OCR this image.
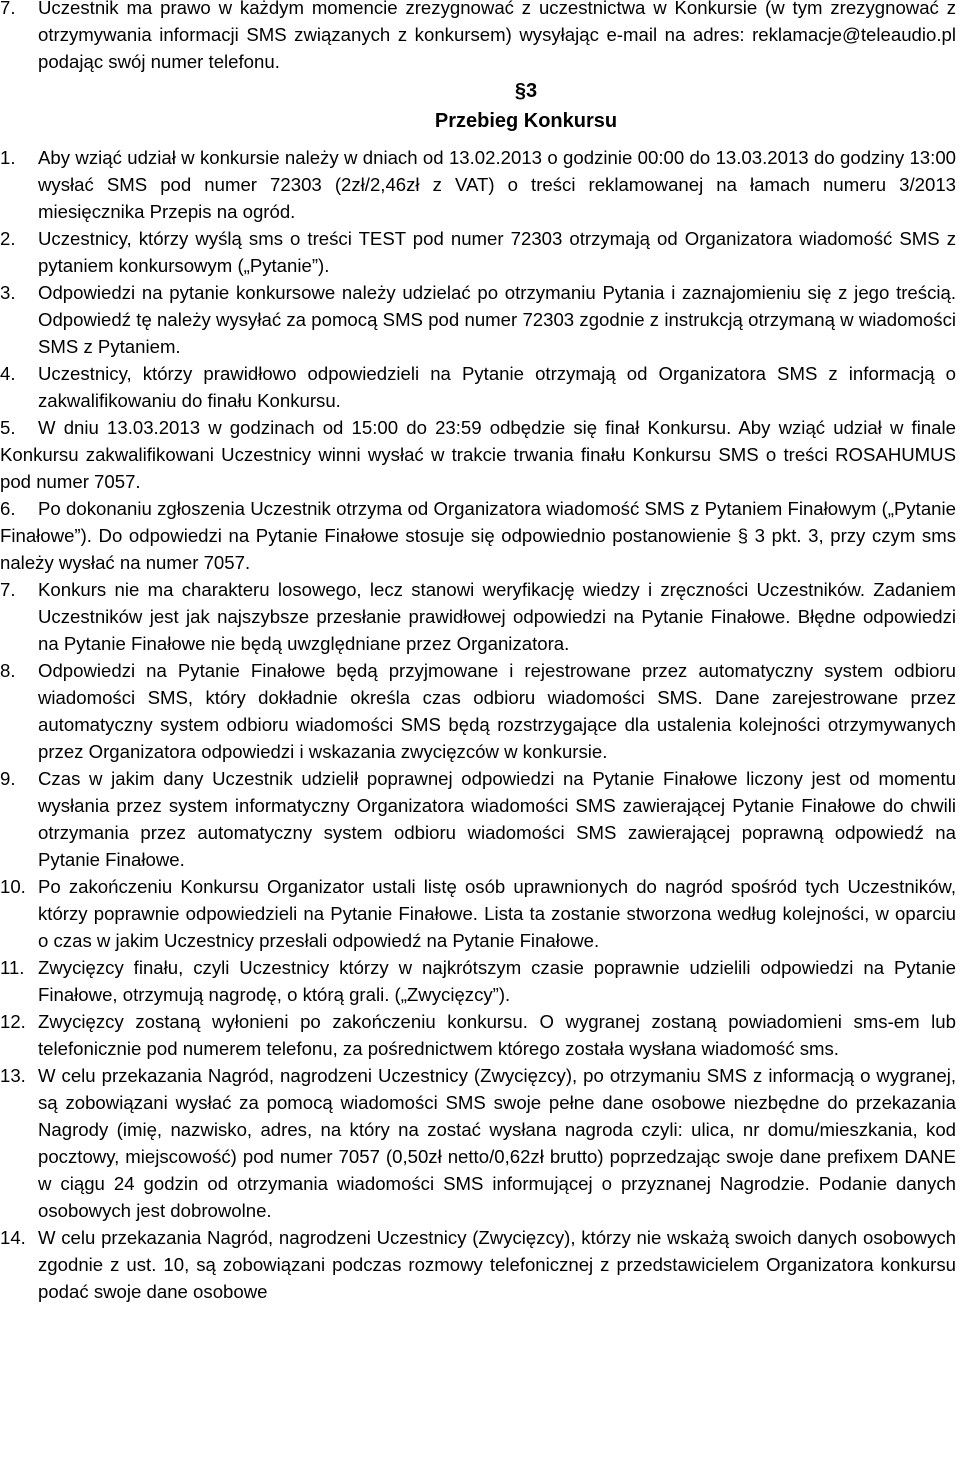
7.	Uczestnik ma prawo w każdym momencie zrezygnować z uczestnictwa w Konkursie (w tym zrezygnować z otrzymywania informacji SMS związanych z konkursem) wysyłając e-mail na adres: reklamacje@teleaudio.pl podając swój numer telefonu.
§3
Przebieg Konkursu
1.	Aby wziąć udział w konkursie należy w dniach od 13.02.2013 o godzinie 00:00 do 13.03.2013 do godziny 13:00 wysłać SMS pod numer 72303 (2zł/2,46zł z VAT) o treści reklamowanej na łamach numeru 3/2013 miesięcznika Przepis na ogród.
2.	Uczestnicy, którzy wyślą sms o treści TEST pod numer 72303 otrzymają od Organizatora wiadomość SMS z pytaniem konkursowym („Pytanie”).
3.	Odpowiedzi na pytanie konkursowe należy udzielać po otrzymaniu Pytania i zaznajomieniu się z jego treścią. Odpowiedź tę należy wysyłać za pomocą SMS pod numer 72303 zgodnie z instrukcją otrzymaną w wiadomości SMS z Pytaniem.
4.	Uczestnicy, którzy prawidłowo odpowiedzieli na Pytanie otrzymają od Organizatora SMS z informacją o zakwalifikowaniu do finału Konkursu.
5. W dniu 13.03.2013 w godzinach od 15:00 do 23:59 odbędzie się finał Konkursu. Aby wziąć udział w finale Konkursu zakwalifikowani Uczestnicy winni wysłać w trakcie trwania finału Konkursu SMS o treści ROSAHUMUS pod numer 7057.
6. Po dokonaniu zgłoszenia Uczestnik otrzyma od Organizatora wiadomość SMS z Pytaniem Finałowym („Pytanie Finałowe”). Do odpowiedzi na Pytanie Finałowe stosuje się odpowiednio postanowienie § 3 pkt. 3, przy czym sms należy wysłać na numer 7057.
7.	Konkurs nie ma charakteru losowego, lecz stanowi weryfikację wiedzy i zręczności Uczestników. Zadaniem Uczestników jest jak najszybsze przesłanie prawidłowej odpowiedzi na Pytanie Finałowe. Błędne odpowiedzi na Pytanie Finałowe nie będą uwzględniane przez Organizatora.
8.	Odpowiedzi na Pytanie Finałowe będą przyjmowane i rejestrowane przez automatyczny system odbioru wiadomości SMS, który dokładnie określa czas odbioru wiadomości SMS. Dane zarejestrowane przez automatyczny system odbioru wiadomości SMS będą rozstrzygające dla ustalenia kolejności otrzymywanych przez Organizatora odpowiedzi i wskazania zwycięzców w konkursie.
9.	Czas w jakim dany Uczestnik udzielił poprawnej odpowiedzi na Pytanie Finałowe liczony jest od momentu wysłania przez system informatyczny Organizatora wiadomości SMS zawierającej Pytanie Finałowe do chwili otrzymania przez automatyczny system odbioru wiadomości SMS zawierającej poprawną odpowiedź na Pytanie Finałowe.
10. Po zakończeniu Konkursu Organizator ustali listę osób uprawnionych do nagród spośród tych Uczestników, którzy poprawnie odpowiedzieli na Pytanie Finałowe. Lista ta zostanie stworzona według kolejności, w oparciu o czas w jakim Uczestnicy przesłali odpowiedź na Pytanie Finałowe.
11. Zwycięzcy finału, czyli Uczestnicy którzy w najkrótszym czasie poprawnie udzielili odpowiedzi na Pytanie Finałowe, otrzymują nagrodę, o którą grali. („Zwycięzcy”).
12. Zwycięzcy zostaną wyłonieni po zakończeniu konkursu. O wygranej zostaną powiadomieni sms-em lub telefonicznie pod numerem telefonu, za pośrednictwem którego została wysłana wiadomość sms.
13. W celu przekazania Nagród, nagrodzeni Uczestnicy (Zwycięzcy), po otrzymaniu SMS z informacją o wygranej, są zobowiązani wysłać za pomocą wiadomości SMS swoje pełne dane osobowe niezbędne do przekazania Nagrody (imię, nazwisko, adres, na który na zostać wysłana nagroda czyli: ulica, nr domu/mieszkania, kod pocztowy, miejscowość) pod numer 7057 (0,50zł netto/0,62zł brutto) poprzedzając swoje dane prefixem DANE w ciągu 24 godzin od otrzymania wiadomości SMS informującej o przyznanej Nagrodzie. Podanie danych osobowych jest dobrowolne.
14. W celu przekazania Nagród, nagrodzeni Uczestnicy (Zwycięzcy), którzy nie wskażą swoich danych osobowych zgodnie z ust. 10, są zobowiązani podczas rozmowy telefonicznej z przedstawicielem Organizatora konkursu podać swoje dane osobowe
